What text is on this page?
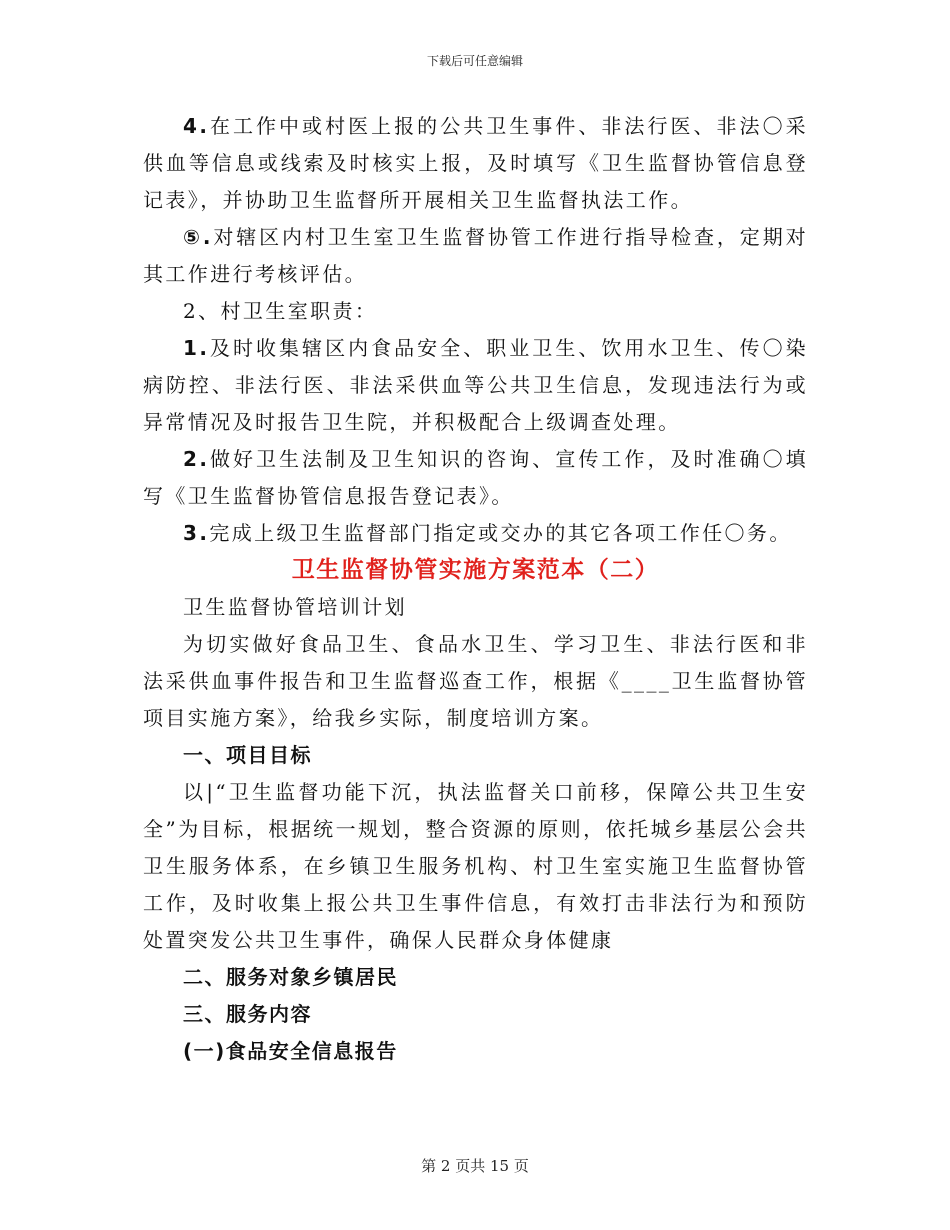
下载后可任意编辑

4.在工作中或村医上报的公共卫生事件、非法行医、非法〇采供血等信息或线索及时核实上报，及时填写《卫生监督协管信息登记表》，并协助卫生监督所开展相关卫生监督执法工作。

⑤.对辖区内村卫生室卫生监督协管工作进行指导检查，定期对其工作进行考核评估。

2、村卫生室职责：

1.及时收集辖区内食品安全、职业卫生、饮用水卫生、传〇染病防控、非法行医、非法采供血等公共卫生信息，发现违法行为或异常情况及时报告卫生院，并积极配合上级调查处理。

2.做好卫生法制及卫生知识的咨询、宣传工作，及时准确〇填写《卫生监督协管信息报告登记表》。

3.完成上级卫生监督部门指定或交办的其它各项工作任〇务。

卫生监督协管实施方案范本（二）

卫生监督协管培训计划

为切实做好食品卫生、食品水卫生、学习卫生、非法行医和非法采供血事件报告和卫生监督巡查工作，根据《____卫生监督协管项目实施方案》，给我乡实际，制度培训方案。

一、项目目标

以|“卫生监督功能下沉，执法监督关口前移，保障公共卫生安全”为目标，根据统一规划，整合资源的原则，依托城乡基层公会共卫生服务体系，在乡镇卫生服务机构、村卫生室实施卫生监督协管工作，及时收集上报公共卫生事件信息，有效打击非法行为和预防处置突发公共卫生事件，确保人民群众身体健康

二、服务对象乡镇居民

三、服务内容

(一)食品安全信息报告

第 2 页共 15 页
